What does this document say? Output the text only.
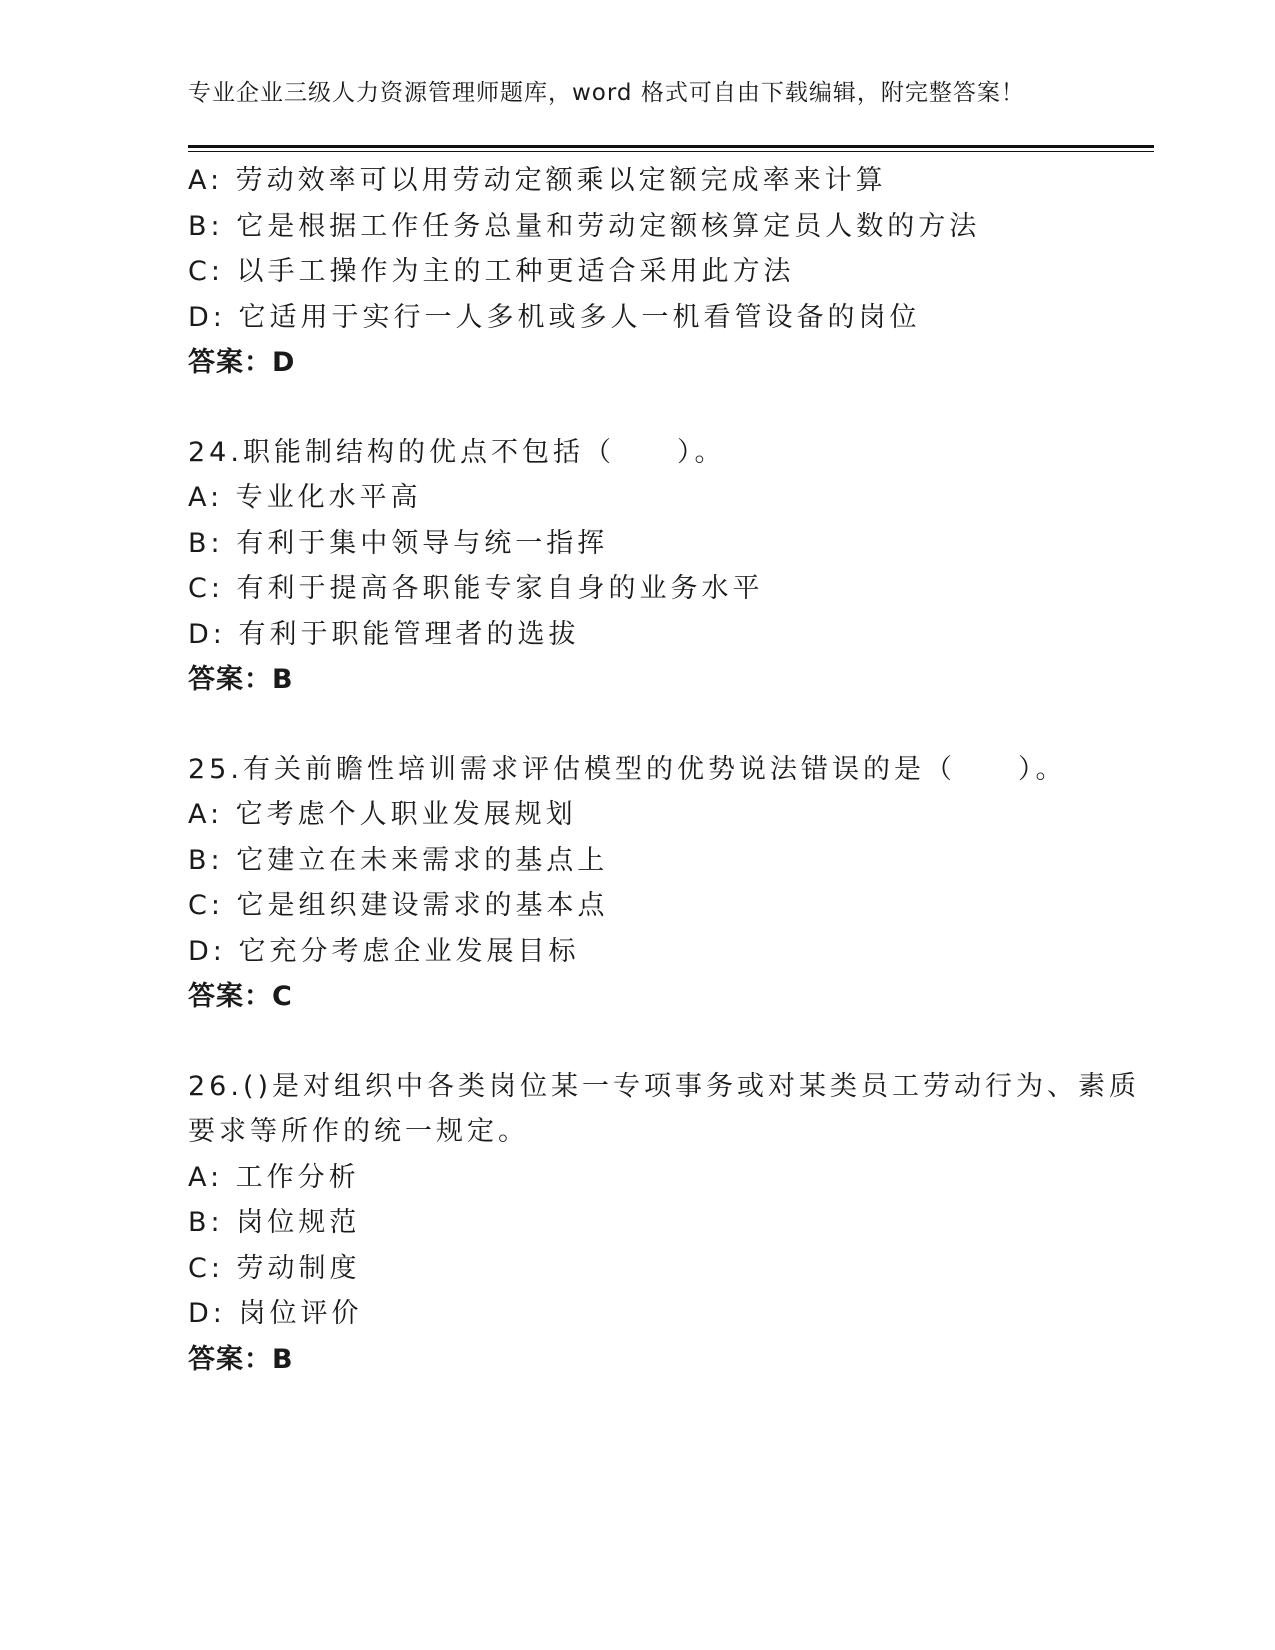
专业企业三级人力资源管理师题库，word 格式可自由下载编辑，附完整答案！
A: 劳动效率可以用劳动定额乘以定额完成率来计算
B: 它是根据工作任务总量和劳动定额核算定员人数的方法
C: 以手工操作为主的工种更适合采用此方法
D: 它适用于实行一人多机或多人一机看管设备的岗位
答案：D
24.职能制结构的优点不包括（　　）。
A: 专业化水平高
B: 有利于集中领导与统一指挥
C: 有利于提高各职能专家自身的业务水平
D: 有利于职能管理者的选拔
答案：B
25.有关前瞻性培训需求评估模型的优势说法错误的是（　　）。
A: 它考虑个人职业发展规划
B: 它建立在未来需求的基点上
C: 它是组织建设需求的基本点
D: 它充分考虑企业发展目标
答案：C
26.()是对组织中各类岗位某一专项事务或对某类员工劳动行为、素质
要求等所作的统一规定。
A: 工作分析
B: 岗位规范
C: 劳动制度
D: 岗位评价
答案：B
